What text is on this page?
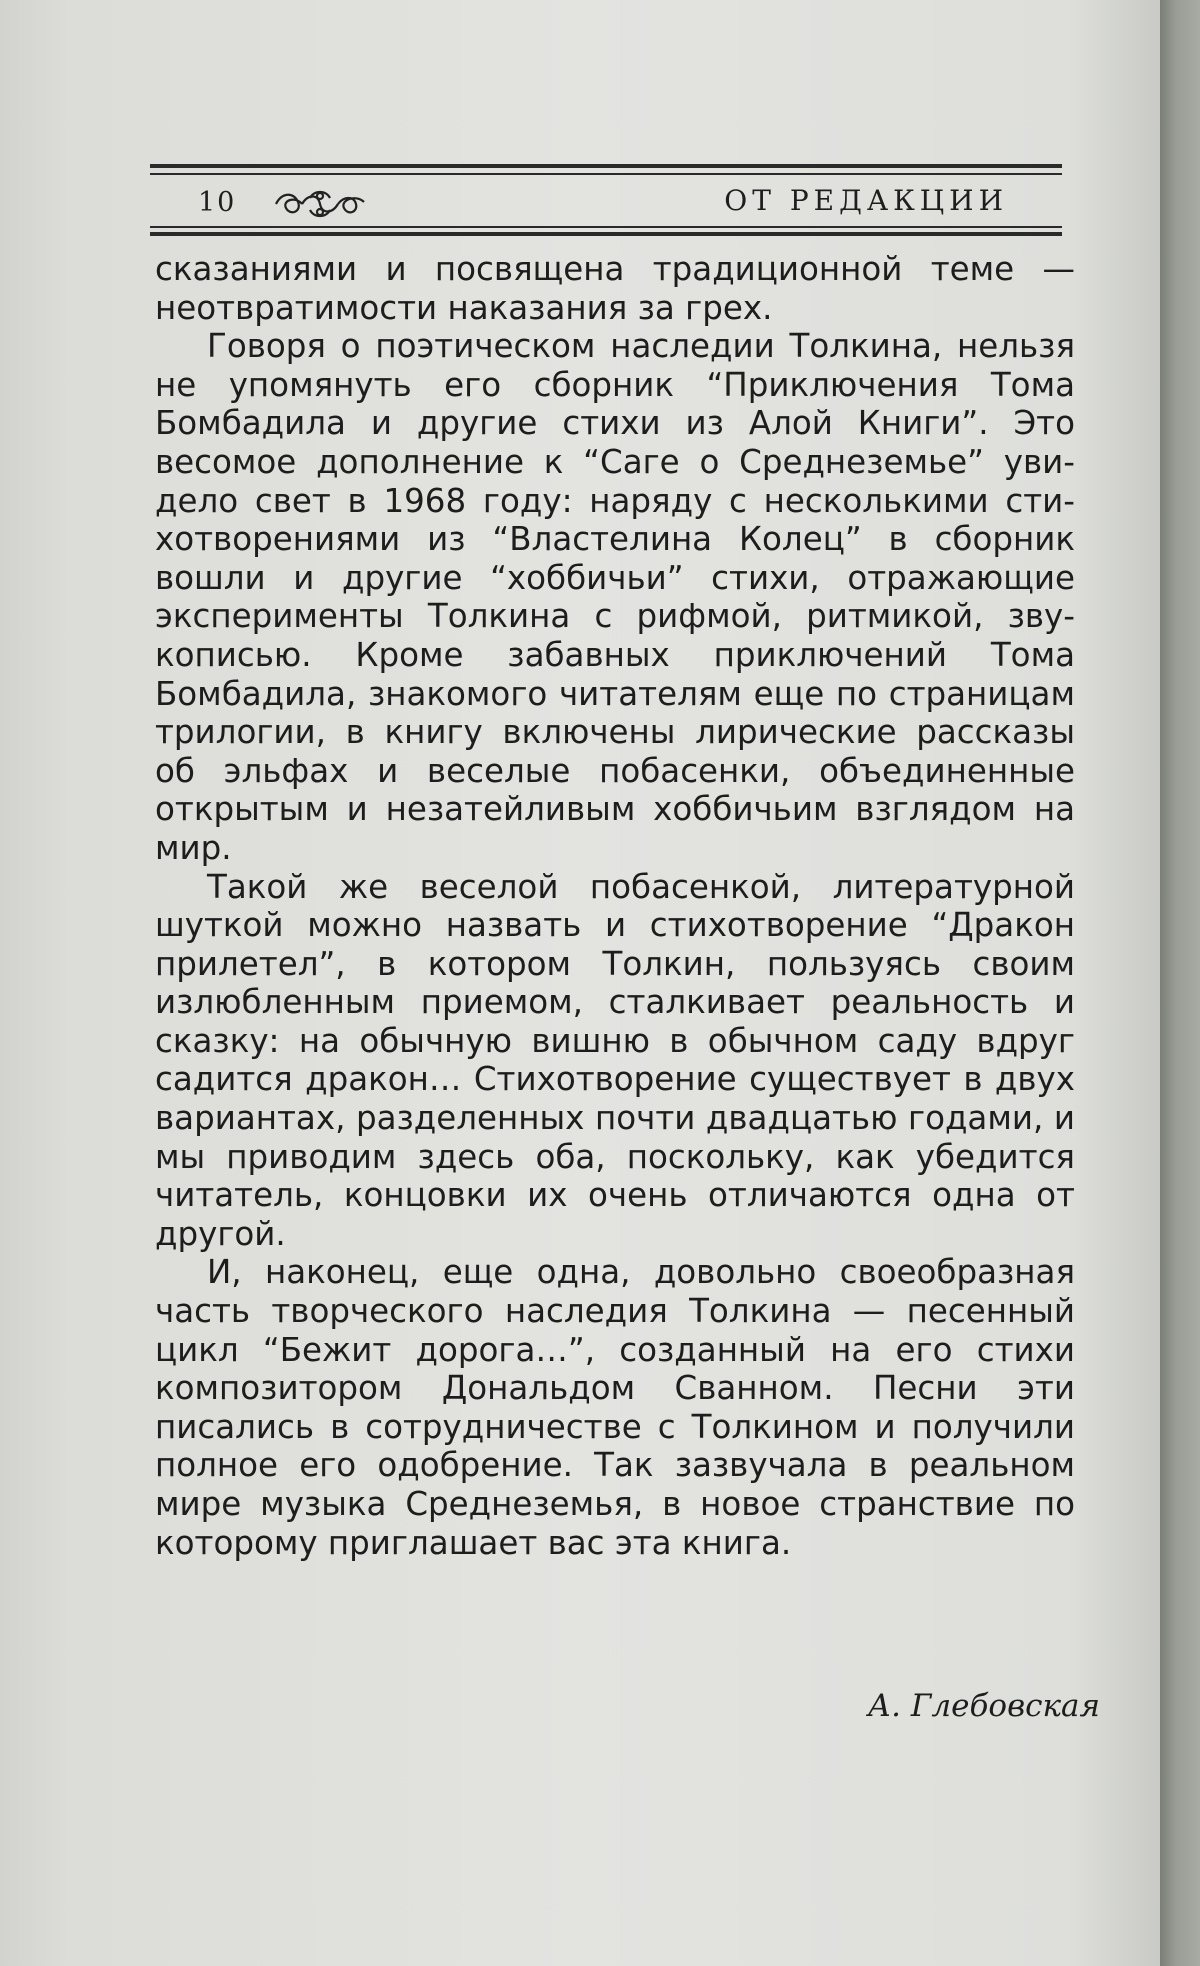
10	ОТ РЕДАКЦИИ

сказаниями и посвящена традиционной теме — неотвратимости наказания за грех.

Говоря о поэтическом наследии Толкина, нельзя не упомянуть его сборник “Приключения Тома Бомбадила и другие стихи из Алой Книги”. Это весомое дополнение к “Саге о Среднеземье” увидело свет в 1968 году: наряду с несколькими стихотворениями из “Властелина Колец” в сборник вошли и другие “хоббичьи” стихи, отражающие эксперименты Толкина с рифмой, ритмикой, звукописью. Кроме забавных приключений Тома Бомбадила, знакомого читателям еще по страницам трилогии, в книгу включены лирические рассказы об эльфах и веселые побасенки, объединенные открытым и незатейливым хоббичьим взглядом на мир.

Такой же веселой побасенкой, литературной шуткой можно назвать и стихотворение “Дракон прилетел”, в котором Толкин, пользуясь своим излюбленным приемом, сталкивает реальность и сказку: на обычную вишню в обычном саду вдруг садится дракон… Стихотворение существует в двух вариантах, разделенных почти двадцатью годами, и мы приводим здесь оба, поскольку, как убедится читатель, концовки их очень отличаются одна от другой.

И, наконец, еще одна, довольно своеобразная часть творческого наследия Толкина — песенный цикл “Бежит дорога…”, созданный на его стихи композитором Дональдом Сванном. Песни эти писались в сотрудничестве с Толкином и получили полное его одобрение. Так зазвучала в реальном мире музыка Среднеземья, в новое странствие по которому приглашает вас эта книга.

А. Глебовская
